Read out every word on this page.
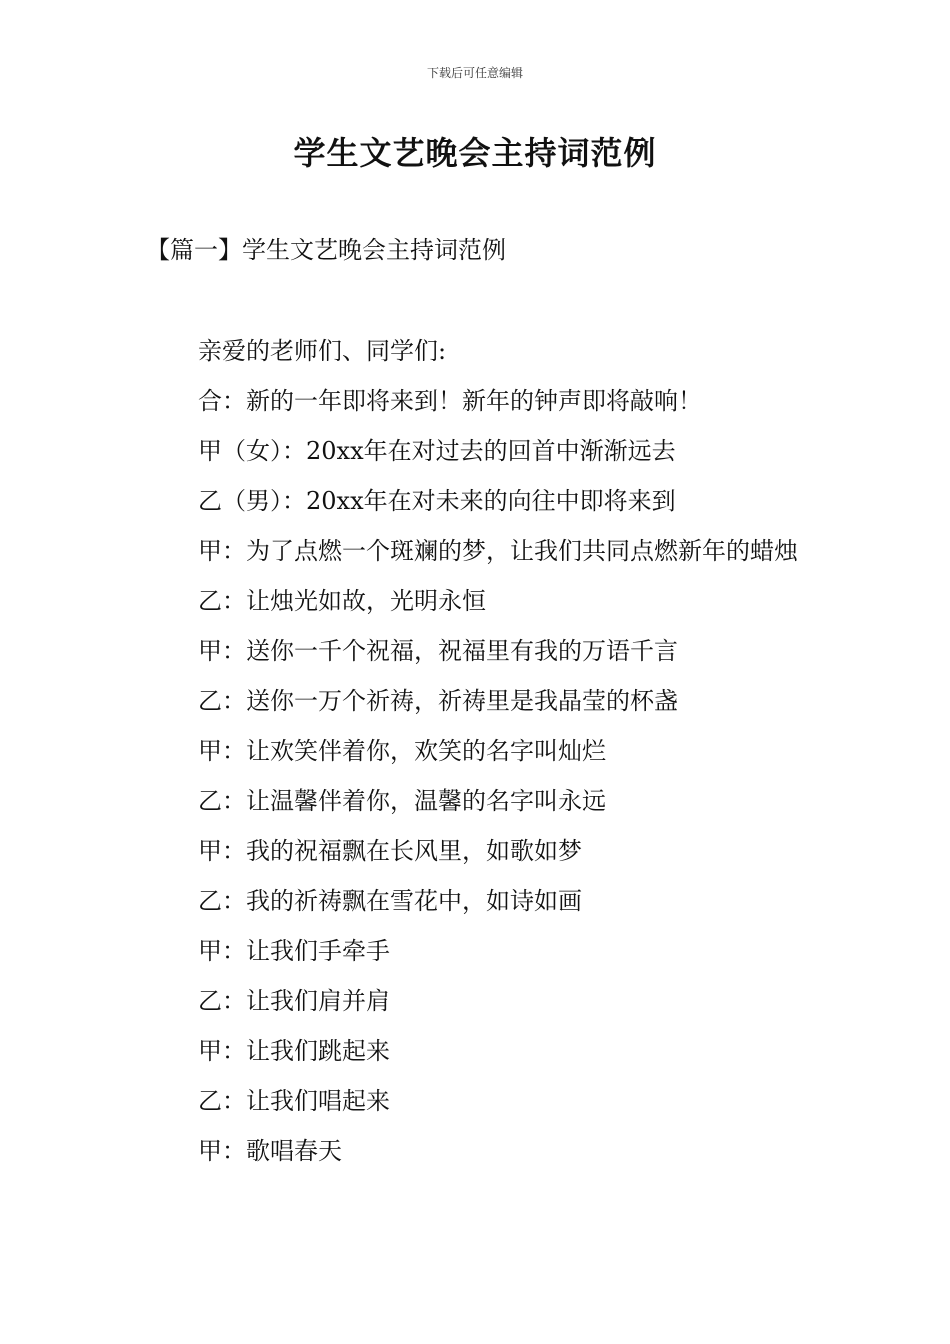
下载后可任意编辑
学生文艺晚会主持词范例
【篇一】学生文艺晚会主持词范例

亲爱的老师们、同学们:

合：新的一年即将来到！新年的钟声即将敲响！

甲（女）：20xx年在对过去的回首中渐渐远去

乙（男）：20xx年在对未来的向往中即将来到

甲：为了点燃一个斑斓的梦，让我们共同点燃新年的蜡烛

乙：让烛光如故，光明永恒

甲：送你一千个祝福，祝福里有我的万语千言

乙：送你一万个祈祷，祈祷里是我晶莹的杯盏

甲：让欢笑伴着你，欢笑的名字叫灿烂

乙：让温馨伴着你，温馨的名字叫永远

甲：我的祝福飘在长风里，如歌如梦

乙：我的祈祷飘在雪花中，如诗如画

甲：让我们手牵手

乙：让我们肩并肩

甲：让我们跳起来

乙：让我们唱起来

甲：歌唱春天
